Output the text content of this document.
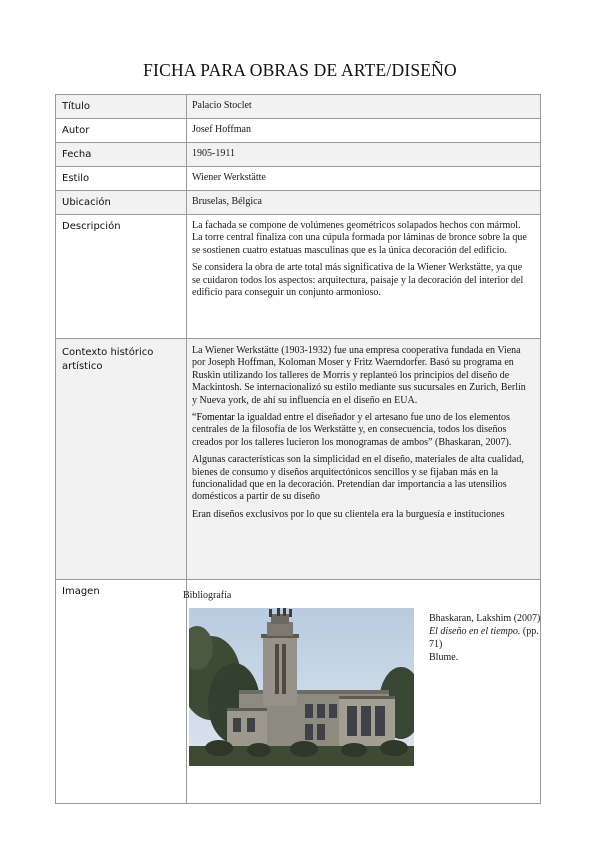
FICHA PARA OBRAS DE ARTE/DISEÑO
Título	Palacio Stoclet
Autor	Josef Hoffman
Fecha	1905-1911
Estilo	Wiener Werkstätte
Ubicación	Bruselas, Bélgica
Descripción	La fachada se compone de volúmenes geométricos solapados hechos con mármol. La torre central finaliza con una cúpula formada por láminas de bronce sobre la que se sostienen cuatro estatuas masculinas que es la única decoración del edificio.
Se considera la obra de arte total más significativa de la Wiener Werkstätte, ya que se cuidaron todos los aspectos: arquitectura, paisaje y la decoración del interior del edificio para conseguir un conjunto armonioso.

Contexto histórico artístico	La Wiener Werkstätte (1903-1932) fue una empresa cooperativa fundada en Viena por Joseph Hoffman, Koloman Moser y Fritz Waerndorfer. Basó su programa en Ruskin utilizando los talleres de Morris y replanteó los principios del diseño de Mackintosh. Se internacionalizó su estilo mediante sus sucursales en Zurich, Berlín y Nueva york, de ahí su influencia en el diseño en EUA.
“Fomentar la igualdad entre el diseñador y el artesano fue uno de los elementos centrales de la filosofía de los Werkstätte y, en consecuencia, todos los diseños creados por los talleres lucieron los monogramas de ambos” (Bhaskaran, 2007).
Algunas características son la simplicidad en el diseño, materiales de alta cualidad, bienes de consumo y diseños arquitectónicos sencillos y se fijaban más en la funcionalidad que en la decoración. Pretendían dar importancia a las utensilios domésticos a partir de su diseño
Eran diseños exclusivos por lo que su clientela era la burguesía e instituciones

Imagen	Bibliografía
Bhaskaran, Lakshim (2007) El diseño en el tiempo. (pp. 71)
Blume.
